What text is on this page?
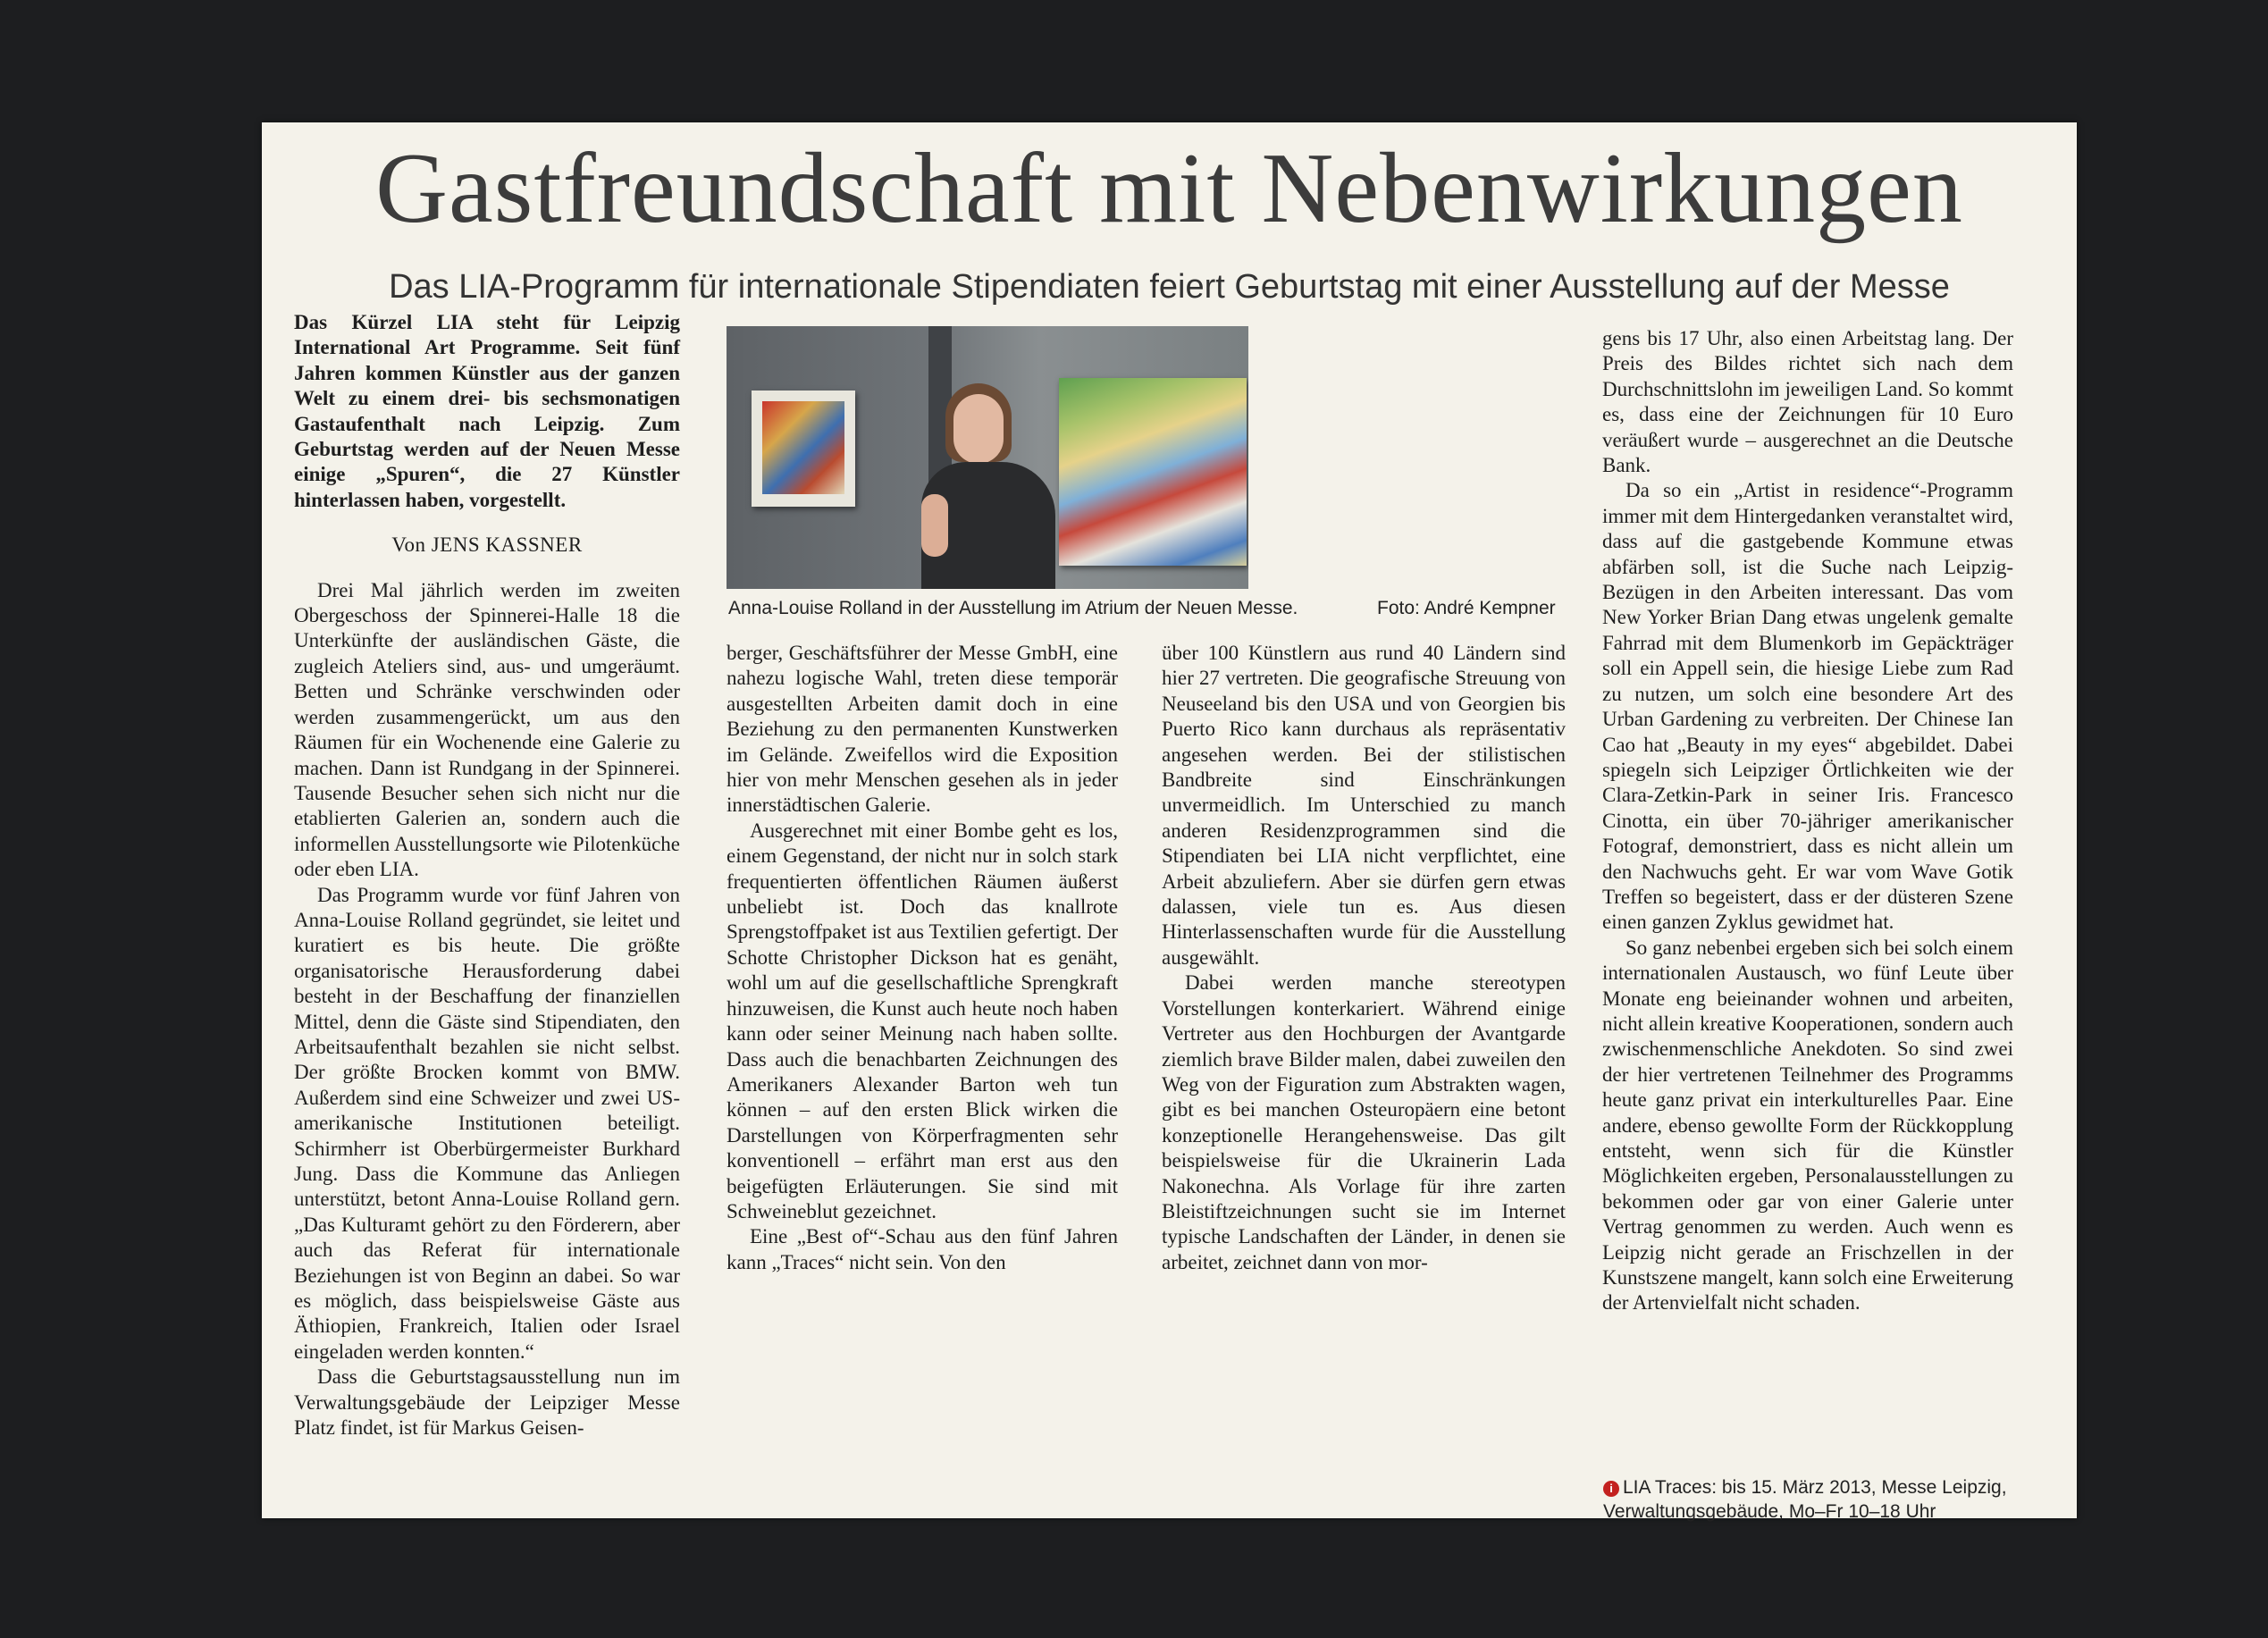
Gastfreundschaft mit Nebenwirkungen
Das LIA-Programm für internationale Stipendiaten feiert Geburtstag mit einer Ausstellung auf der Messe

Das Kürzel LIA steht für Leipzig International Art Programme. Seit fünf Jahren kommen Künstler aus der ganzen Welt zu einem drei- bis sechsmonatigen Gastaufenthalt nach Leipzig. Zum Geburtstag werden auf der Neuen Messe einige „Spuren“, die 27 Künstler hinterlassen haben, vorgestellt.

Von JENS KASSNER

Drei Mal jährlich werden im zweiten Obergeschoss der Spinnerei-Halle 18 die Unterkünfte der ausländischen Gäste, die zugleich Ateliers sind, aus- und umgeräumt. Betten und Schränke verschwinden oder werden zusammengerückt, um aus den Räumen für ein Wochenende eine Galerie zu machen. Dann ist Rundgang in der Spinnerei. Tausende Besucher sehen sich nicht nur die etablierten Galerien an, sondern auch die informellen Ausstellungsorte wie Pilotenküche oder eben LIA.

Das Programm wurde vor fünf Jahren von Anna-Louise Rolland gegründet, sie leitet und kuratiert es bis heute. Die größte organisatorische Herausforderung dabei besteht in der Beschaffung der finanziellen Mittel, denn die Gäste sind Stipendiaten, den Arbeitsaufenthalt bezahlen sie nicht selbst. Der größte Brocken kommt von BMW. Außerdem sind eine Schweizer und zwei US-amerikanische Institutionen beteiligt. Schirmherr ist Oberbürgermeister Burkhard Jung. Dass die Kommune das Anliegen unterstützt, betont Anna-Louise Rolland gern. „Das Kulturamt gehört zu den Förderern, aber auch das Referat für internationale Beziehungen ist von Beginn an dabei. So war es möglich, dass beispielsweise Gäste aus Äthiopien, Frankreich, Italien oder Israel eingeladen werden konnten.“

Dass die Geburtstagsausstellung nun im Verwaltungsgebäude der Leipziger Messe Platz findet, ist für Markus Geisen-

Anna-Louise Rolland in der Ausstellung im Atrium der Neuen Messe.	Foto: André Kempner

berger, Geschäftsführer der Messe GmbH, eine nahezu logische Wahl, treten diese temporär ausgestellten Arbeiten damit doch in eine Beziehung zu den permanenten Kunstwerken im Gelände. Zweifellos wird die Exposition hier von mehr Menschen gesehen als in jeder innerstädtischen Galerie.

Ausgerechnet mit einer Bombe geht es los, einem Gegenstand, der nicht nur in solch stark frequentierten öffentlichen Räumen äußerst unbeliebt ist. Doch das knallrote Sprengstoffpaket ist aus Textilien gefertigt. Der Schotte Christopher Dickson hat es genäht, wohl um auf die gesellschaftliche Sprengkraft hinzuweisen, die Kunst auch heute noch haben kann oder seiner Meinung nach haben sollte. Dass auch die benachbarten Zeichnungen des Amerikaners Alexander Barton weh tun können – auf den ersten Blick wirken die Darstellungen von Körperfragmenten sehr konventionell – erfährt man erst aus den beigefügten Erläuterungen. Sie sind mit Schweineblut gezeichnet.

Eine „Best of“-Schau aus den fünf Jahren kann „Traces“ nicht sein. Von den

über 100 Künstlern aus rund 40 Ländern sind hier 27 vertreten. Die geografische Streuung von Neuseeland bis den USA und von Georgien bis Puerto Rico kann durchaus als repräsentativ angesehen werden. Bei der stilistischen Bandbreite sind Einschränkungen unvermeidlich. Im Unterschied zu manch anderen Residenzprogrammen sind die Stipendiaten bei LIA nicht verpflichtet, eine Arbeit abzuliefern. Aber sie dürfen gern etwas dalassen, viele tun es. Aus diesen Hinterlassenschaften wurde für die Ausstellung ausgewählt.

Dabei werden manche stereotypen Vorstellungen konterkariert. Während einige Vertreter aus den Hochburgen der Avantgarde ziemlich brave Bilder malen, dabei zuweilen den Weg von der Figuration zum Abstrakten wagen, gibt es bei manchen Osteuropäern eine betont konzeptionelle Herangehensweise. Das gilt beispielsweise für die Ukrainerin Lada Nakonechna. Als Vorlage für ihre zarten Bleistiftzeichnungen sucht sie im Internet typische Landschaften der Länder, in denen sie arbeitet, zeichnet dann von mor-

gens bis 17 Uhr, also einen Arbeitstag lang. Der Preis des Bildes richtet sich nach dem Durchschnittslohn im jeweiligen Land. So kommt es, dass eine der Zeichnungen für 10 Euro veräußert wurde – ausgerechnet an die Deutsche Bank.

Da so ein „Artist in residence“-Programm immer mit dem Hintergedanken veranstaltet wird, dass auf die gastgebende Kommune etwas abfärben soll, ist die Suche nach Leipzig-Bezügen in den Arbeiten interessant. Das vom New Yorker Brian Dang etwas ungelenk gemalte Fahrrad mit dem Blumenkorb im Gepäckträger soll ein Appell sein, die hiesige Liebe zum Rad zu nutzen, um solch eine besondere Art des Urban Gardening zu verbreiten. Der Chinese Ian Cao hat „Beauty in my eyes“ abgebildet. Dabei spiegeln sich Leipziger Örtlichkeiten wie der Clara-Zetkin-Park in seiner Iris. Francesco Cinotta, ein über 70-jähriger amerikanischer Fotograf, demonstriert, dass es nicht allein um den Nachwuchs geht. Er war vom Wave Gotik Treffen so begeistert, dass er der düsteren Szene einen ganzen Zyklus gewidmet hat.

So ganz nebenbei ergeben sich bei solch einem internationalen Austausch, wo fünf Leute über Monate eng beieinander wohnen und arbeiten, nicht allein kreative Kooperationen, sondern auch zwischenmenschliche Anekdoten. So sind zwei der hier vertretenen Teilnehmer des Programms heute ganz privat ein interkulturelles Paar. Eine andere, ebenso gewollte Form der Rückkopplung entsteht, wenn sich für die Künstler Möglichkeiten ergeben, Personalausstellungen zu bekommen oder gar von einer Galerie unter Vertrag genommen zu werden. Auch wenn es Leipzig nicht gerade an Frischzellen in der Kunstszene mangelt, kann solch eine Erweiterung der Artenvielfalt nicht schaden.

i LIA Traces: bis 15. März 2013, Messe Leipzig, Verwaltungsgebäude, Mo–Fr 10–18 Uhr
